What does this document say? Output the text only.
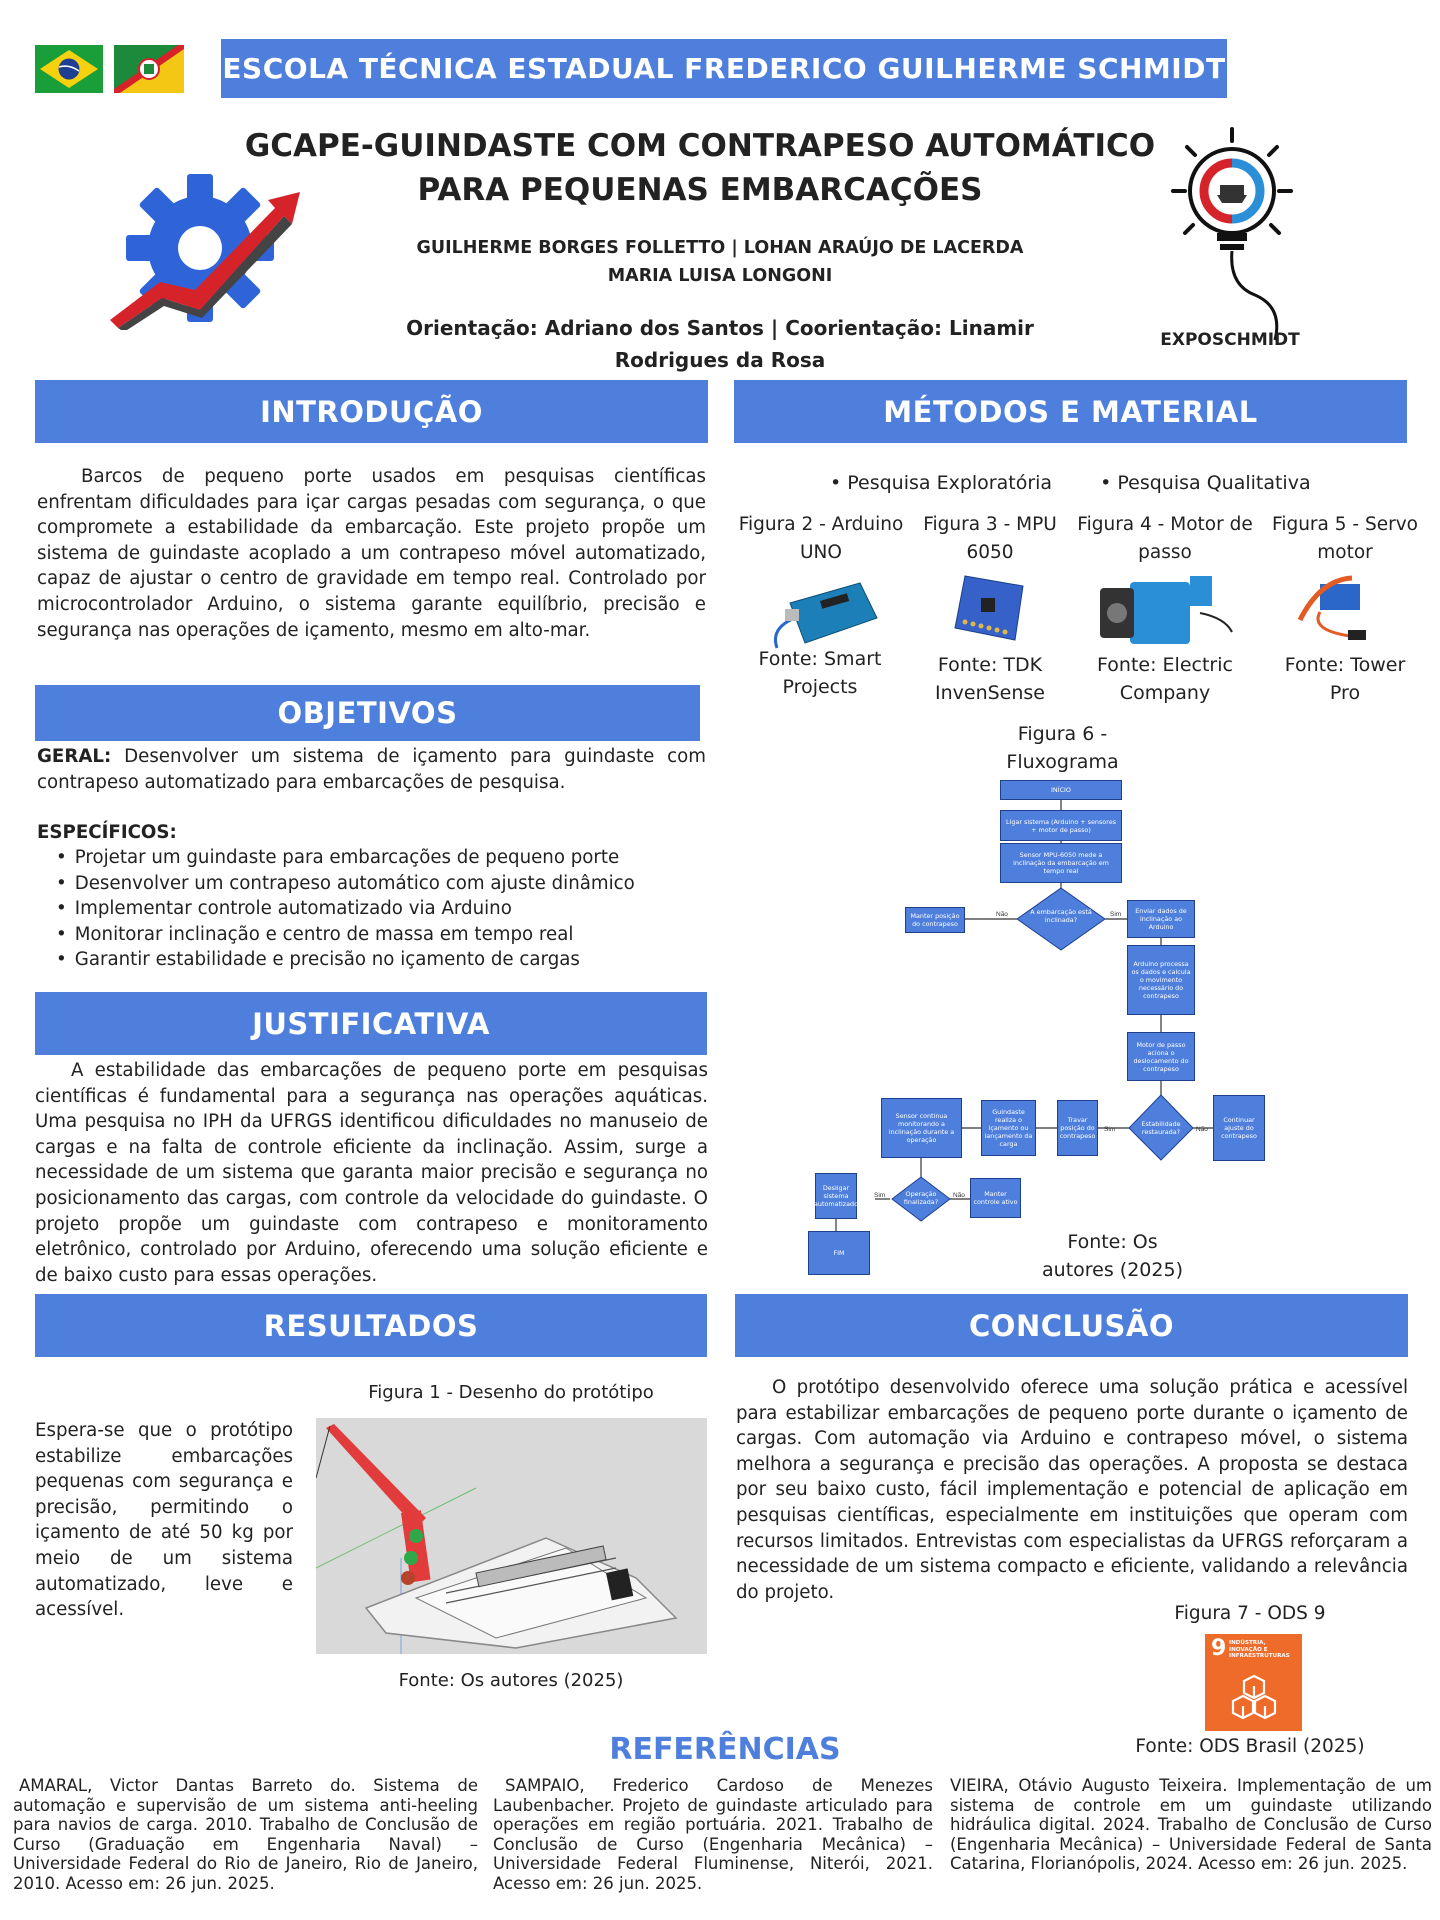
ESCOLA TÉCNICA ESTADUAL FREDERICO GUILHERME SCHMIDT
GCAPE-GUINDASTE COM CONTRAPESO AUTOMÁTICO
PARA PEQUENAS EMBARCAÇÕES
GUILHERME BORGES FOLLETTO | LOHAN ARAÚJO DE LACERDA
MARIA LUISA LONGONI
Orientação: Adriano dos Santos | Coorientação: Linamir
Rodrigues da Rosa
EXPOSCHMIDT
INTRODUÇÃO
Barcos de pequeno porte usados em pesquisas científicas enfrentam dificuldades para içar cargas pesadas com segurança, o que compromete a estabilidade da embarcação. Este projeto propõe um sistema de guindaste acoplado a um contrapeso móvel automatizado, capaz de ajustar o centro de gravidade em tempo real. Controlado por microcontrolador Arduino, o sistema garante equilíbrio, precisão e segurança nas operações de içamento, mesmo em alto-mar.
OBJETIVOS
GERAL: Desenvolver um sistema de içamento para guindaste com contrapeso automatizado para embarcações de pesquisa.
ESPECÍFICOS:
• Projetar um guindaste para embarcações de pequeno porte
• Desenvolver um contrapeso automático com ajuste dinâmico
• Implementar controle automatizado via Arduino
• Monitorar inclinação e centro de massa em tempo real
• Garantir estabilidade e precisão no içamento de cargas
JUSTIFICATIVA
A estabilidade das embarcações de pequeno porte em pesquisas científicas é fundamental para a segurança nas operações aquáticas. Uma pesquisa no IPH da UFRGS identificou dificuldades no manuseio de cargas e na falta de controle eficiente da inclinação. Assim, surge a necessidade de um sistema que garanta maior precisão e segurança no posicionamento das cargas, com controle da velocidade do guindaste. O projeto propõe um guindaste com contrapeso e monitoramento eletrônico, controlado por Arduino, oferecendo uma solução eficiente e de baixo custo para essas operações.
RESULTADOS
Espera-se que o protótipo estabilize embarcações pequenas com segurança e precisão, permitindo o içamento de até 50 kg por meio de um sistema automatizado, leve e acessível.
Figura 1 - Desenho do protótipo
Fonte: Os autores (2025)
MÉTODOS E MATERIAL
• Pesquisa Exploratória	• Pesquisa Qualitativa
Figura 2 - Arduino UNO
Figura 3 - MPU 6050
Figura 4 - Motor de passo
Figura 5 - Servo motor
Fonte: Smart Projects
Fonte: TDK InvenSense
Fonte: Electric Company
Fonte: Tower Pro
Figura 6 - Fluxograma
Não	Sim
Não
Sim
Sim	Não
INÍCIO
Ligar sistema (Arduino + sensores + motor de passo)
Sensor MPU-6050 mede a inclinação da embarcação em tempo real
A embarcação está inclinada?
Manter posição do contrapeso
Enviar dados de inclinação ao Arduino
Arduino processa os dados e calcula o movimento necessário do contrapeso
Motor de passo aciona o deslocamento do contrapeso
Estabilidade restaurada?
Continuar ajuste do contrapeso
Travar posição do contrapeso
Guindaste realiza o içamento ou lançamento da carga
Sensor continua monitorando a inclinação durante a operação
Operação finalizada?
Desligar sistema automatizado
Manter controle ativo
FIM	Fonte: Os autores (2025)
CONCLUSÃO
O protótipo desenvolvido oferece uma solução prática e acessível para estabilizar embarcações de pequeno porte durante o içamento de cargas. Com automação via Arduino e contrapeso móvel, o sistema melhora a segurança e precisão das operações. A proposta se destaca por seu baixo custo, fácil implementação e potencial de aplicação em pesquisas científicas, especialmente em instituições que operam com recursos limitados. Entrevistas com especialistas da UFRGS reforçaram a necessidade de um sistema compacto e eficiente, validando a relevância do projeto.
Figura 7 - ODS 9
9 INDÚSTRIA, INOVAÇÃO E INFRAESTRUTURAS
Fonte: ODS Brasil (2025)
REFERÊNCIAS
AMARAL, Victor Dantas Barreto do. Sistema de automação e supervisão de um sistema anti-heeling para navios de carga. 2010. Trabalho de Conclusão de Curso (Graduação em Engenharia Naval) – Universidade Federal do Rio de Janeiro, Rio de Janeiro, 2010. Acesso em: 26 jun. 2025.
SAMPAIO, Frederico Cardoso de Menezes Laubenbacher. Projeto de guindaste articulado para operações em região portuária. 2021. Trabalho de Conclusão de Curso (Engenharia Mecânica) – Universidade Federal Fluminense, Niterói, 2021. Acesso em: 26 jun. 2025.
VIEIRA, Otávio Augusto Teixeira. Implementação de um sistema de controle em um guindaste utilizando hidráulica digital. 2024. Trabalho de Conclusão de Curso (Engenharia Mecânica) – Universidade Federal de Santa Catarina, Florianópolis, 2024. Acesso em: 26 jun. 2025.
